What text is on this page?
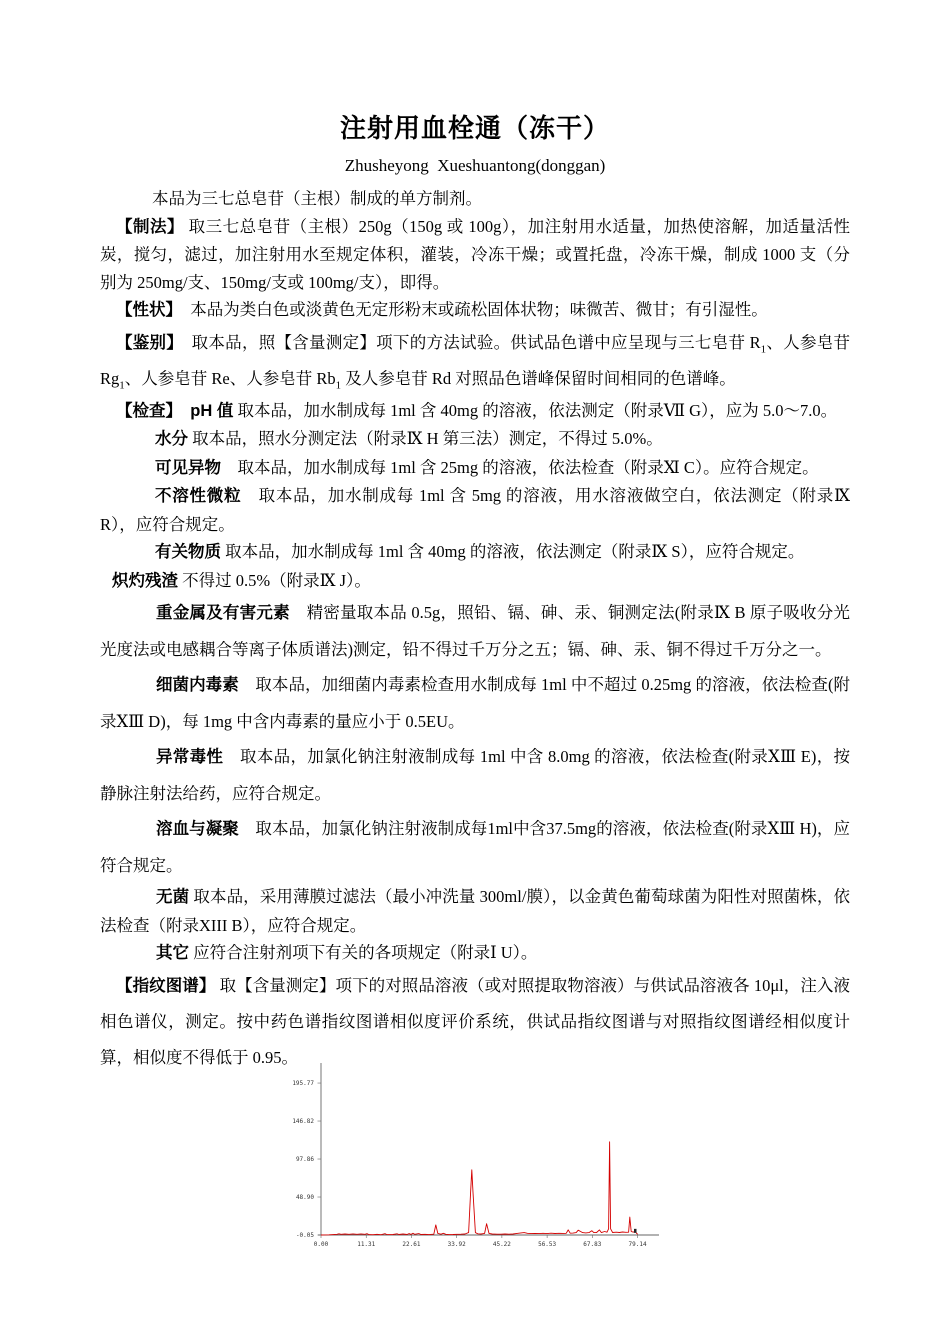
注射用血栓通（冻干）
Zhusheyong  Xueshuantong(donggan)

本品为三七总皂苷（主根）制成的单方制剂。

【制法】 取三七总皂苷（主根）250g（150g 或 100g），加注射用水适量，加热使溶解，加适量活性炭，搅匀，滤过，加注射用水至规定体积，灌装，冷冻干燥；或置托盘，冷冻干燥，制成 1000 支（分别为 250mg/支、150mg/支或 100mg/支），即得。

【性状】　本品为类白色或淡黄色无定形粉末或疏松固体状物；味微苦、微甘；有引湿性。

【鉴别】　取本品，照【含量测定】项下的方法试验。供试品色谱中应呈现与三七皂苷 $R_1$、人参皂苷 $Rg_1$、人参皂苷 Re、人参皂苷 $Rb_1$ 及人参皂苷 Rd 对照品色谱峰保留时间相同的色谱峰。

【检查】　 pH 值 取本品，加水制成每 1ml 含 40mg 的溶液，依法测定（附录Ⅶ G），应为 5.0～7.0。

水分 取本品，照水分测定法（附录Ⅸ H 第三法）测定，不得过 5.0%。

可见异物　取本品，加水制成每 1ml 含 25mg 的溶液，依法检查（附录Ⅺ C）。应符合规定。

不溶性微粒　取本品，加水制成每 1ml 含 5mg 的溶液，用水溶液做空白，依法测定（附录Ⅸ R），应符合规定。

有关物质 取本品，加水制成每 1ml 含 40mg 的溶液，依法测定（附录Ⅸ S），应符合规定。

炽灼残渣 不得过 0.5%（附录Ⅸ J）。

重金属及有害元素　精密量取本品 0.5g，照铅、镉、砷、汞、铜测定法(附录Ⅸ B 原子吸收分光光度法或电感耦合等离子体质谱法)测定，铅不得过千万分之五；镉、砷、汞、铜不得过千万分之一。

细菌内毒素　取本品，加细菌内毒素检查用水制成每 1ml 中不超过 0.25mg 的溶液，依法检查(附录ⅩⅢ D)，每 1mg 中含内毒素的量应小于 0.5EU。

异常毒性　取本品，加氯化钠注射液制成每 1ml 中含 8.0mg 的溶液，依法检查(附录ⅩⅢ E)，按静脉注射法给药，应符合规定。

溶血与凝聚　取本品，加氯化钠注射液制成每1ml中含37.5mg的溶液，依法检查(附录ⅩⅢ H)，应符合规定。

无菌 取本品，采用薄膜过滤法（最小冲洗量 300ml/膜），以金黄色葡萄球菌为阳性对照菌株，依法检查（附录XIII B），应符合规定。

其它 应符合注射剂项下有关的各项规定（附录Ⅰ U）。

【指纹图谱】 取【含量测定】项下的对照品溶液（或对照提取物溶液）与供试品溶液各 10μl，注入液相色谱仪，测定。按中药色谱指纹图谱相似度评价系统，供试品指纹图谱与对照指纹图谱经相似度计算，相似度不得低于 0.95。

195.77
146.82
97.86
48.90
-0.05
0.00	11.31	22.61	33.92	45.22	56.53	67.83	79.14
